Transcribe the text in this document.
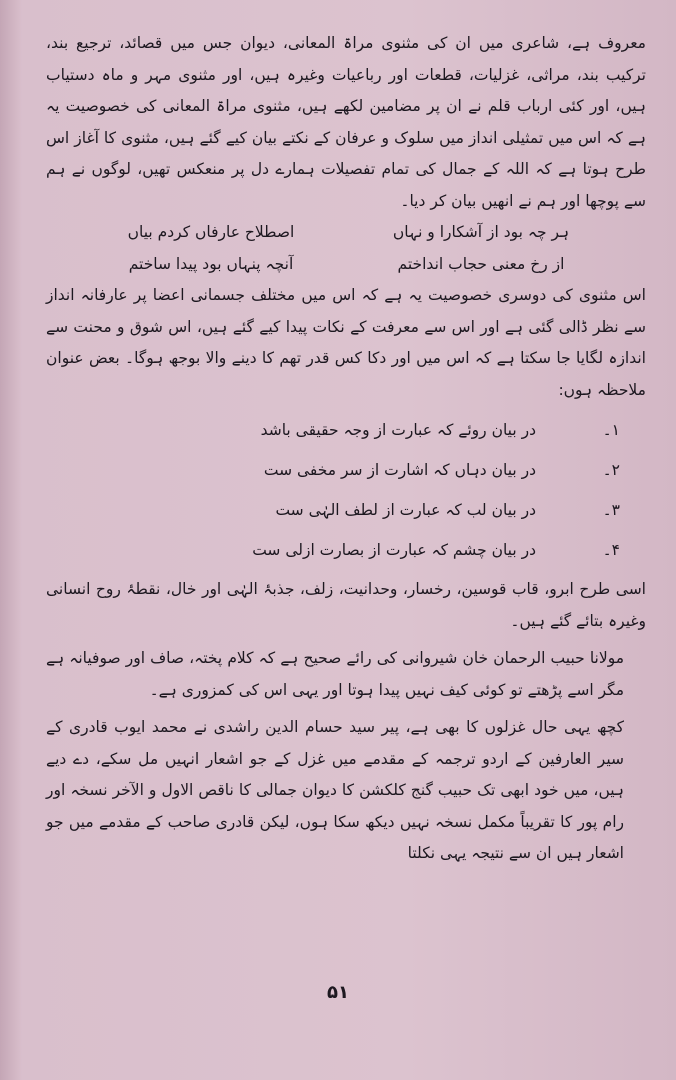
معروف ہے، شاعری میں ان کی مثنوی مراۃ المعانی، دیوان جس میں قصائد، ترجیع بند، ترکیب بند، مراثی، غزلیات، قطعات اور رباعیات وغیرہ ہیں، اور مثنوی مہر و ماہ دستیاب ہیں، اور کئی ارباب قلم نے ان پر مضامین لکھے ہیں، مثنوی مراۃ المعانی کی خصوصیت یہ ہے کہ اس میں تمثیلی انداز میں سلوک و عرفان کے نکتے بیان کیے گئے ہیں، مثنوی کا آغاز اس طرح ہوتا ہے کہ اللہ کے جمال کی تمام تفصیلات ہمارے دل پر منعکس تھیں، لوگوں نے ہم سے پوچھا اور ہم نے انھیں بیان کر دیا۔

ہر چہ بود از آشکارا و نہاں
اصطلاح عارفاں کردم بیاں
از رخ معنی حجاب انداختم
آنچہ پنہاں بود پیدا ساختم

اس مثنوی کی دوسری خصوصیت یہ ہے کہ اس میں مختلف جسمانی اعضا پر عارفانہ انداز سے نظر ڈالی گئی ہے اور اس سے معرفت کے نکات پیدا کیے گئے ہیں، اس شوق و محنت سے اندازہ لگایا جا سکتا ہے کہ اس میں اور دکا کس قدر تھم کا دینے والا بوجھ ہوگا۔ بعض عنوان ملاحظہ ہوں:

۱۔
در بیان روئے کہ عبارت از وجہ حقیقی باشد
۲۔
در بیان دہاں کہ اشارت از سر مخفی ست
۳۔
در بیان لب کہ عبارت از لطف الہٰی ست
۴۔
در بیان چشم کہ عبارت از بصارت ازلی ست

اسی طرح ابرو، قاب قوسین، رخسار، وحدانیت، زلف، جذبۂ الہٰی اور خال، نقطۂ روح انسانی وغیرہ بتائے گئے ہیں۔

مولانا حبیب الرحمان خان شیروانی کی رائے صحیح ہے کہ کلام پختہ، صاف اور صوفیانہ ہے مگر اسے پڑھتے تو کوئی کیف نہیں پیدا ہوتا اور یہی اس کی کمزوری ہے۔

کچھ یہی حال غزلوں کا بھی ہے، پیر سید حسام الدین راشدی نے محمد ایوب قادری کے سیر العارفین کے اردو ترجمہ کے مقدمے میں غزل کے جو اشعار انہیں مل سکے، دے دیے ہیں، میں خود ابھی تک حبیب گنج کلکشن کا دیوان جمالی کا ناقص الاول و الآخر نسخہ اور رام پور کا تقریباً مکمل نسخہ نہیں دیکھ سکا ہوں، لیکن قادری صاحب کے مقدمے میں جو اشعار ہیں ان سے نتیجہ یہی نکلتا

۵۱
